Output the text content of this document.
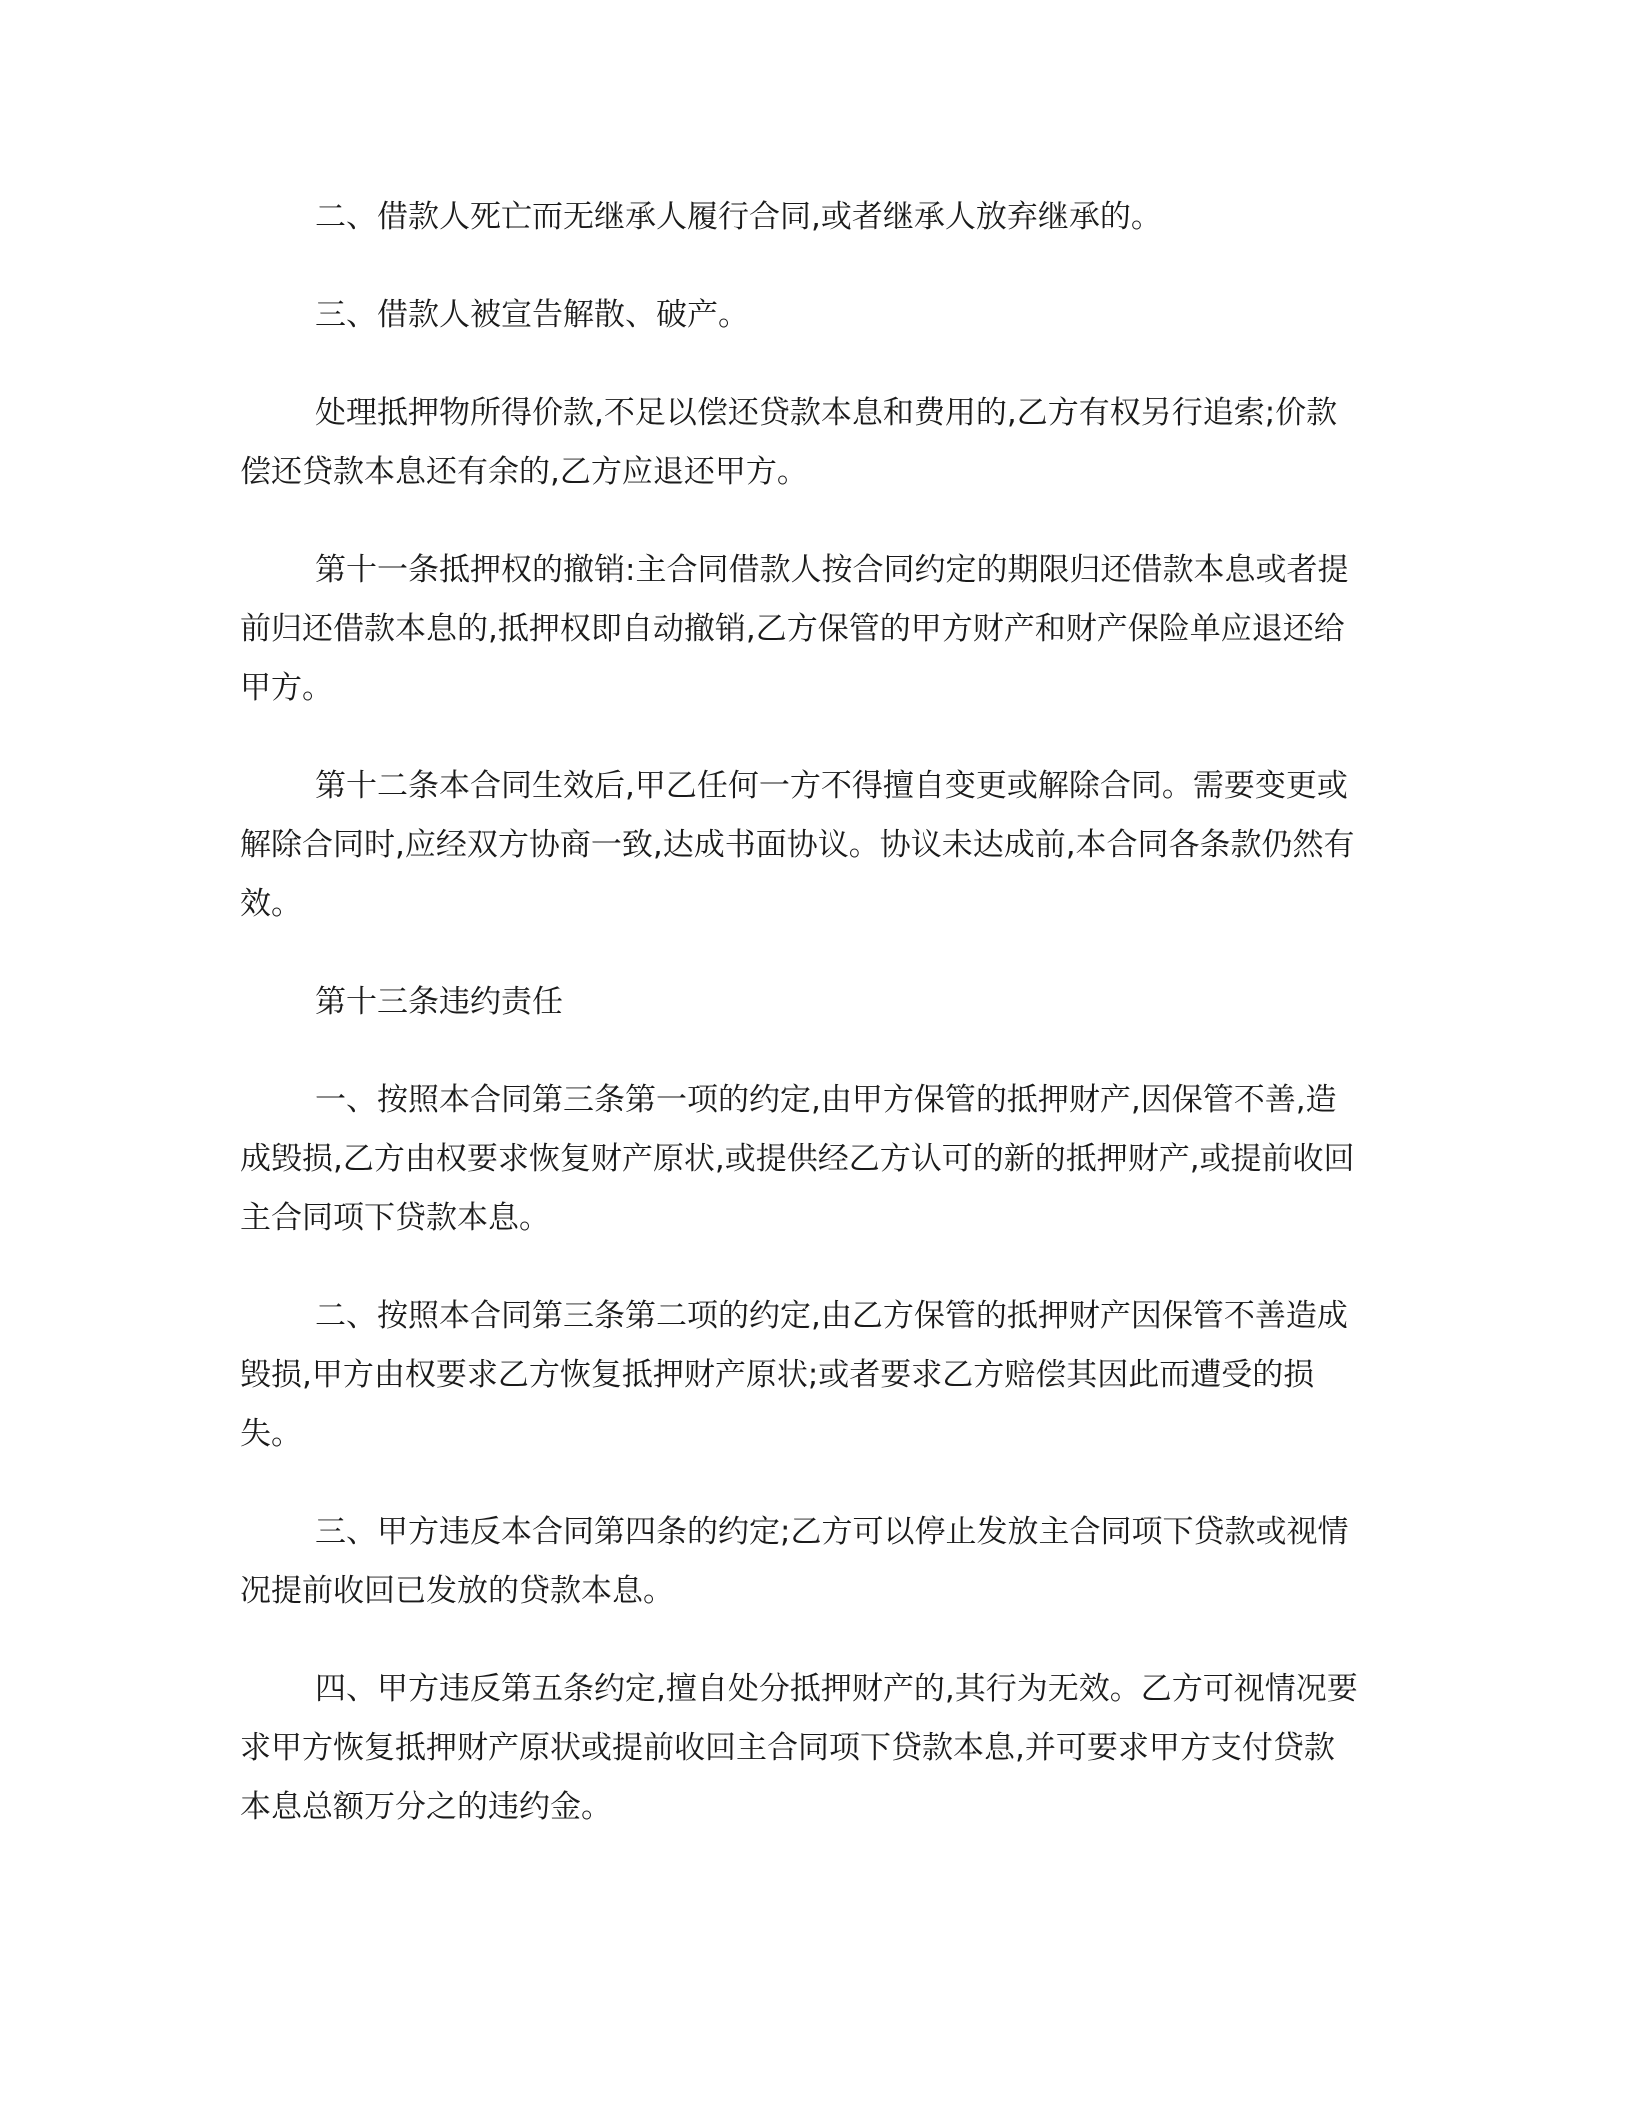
二、借款人死亡而无继承人履行合同,或者继承人放弃继承的。

三、借款人被宣告解散、破产。

处理抵押物所得价款,不足以偿还贷款本息和费用的,乙方有权另行追索;价款
偿还贷款本息还有余的,乙方应退还甲方。

第十一条抵押权的撤销:主合同借款人按合同约定的期限归还借款本息或者提
前归还借款本息的,抵押权即自动撤销,乙方保管的甲方财产和财产保险单应退还给
甲方。

第十二条本合同生效后,甲乙任何一方不得擅自变更或解除合同。需要变更或
解除合同时,应经双方协商一致,达成书面协议。协议未达成前,本合同各条款仍然有
效。

第十三条违约责任

一、按照本合同第三条第一项的约定,由甲方保管的抵押财产,因保管不善,造
成毁损,乙方由权要求恢复财产原状,或提供经乙方认可的新的抵押财产,或提前收回
主合同项下贷款本息。

二、按照本合同第三条第二项的约定,由乙方保管的抵押财产因保管不善造成
毁损,甲方由权要求乙方恢复抵押财产原状;或者要求乙方赔偿其因此而遭受的损
失。

三、甲方违反本合同第四条的约定;乙方可以停止发放主合同项下贷款或视情
况提前收回已发放的贷款本息。

四、甲方违反第五条约定,擅自处分抵押财产的,其行为无效。乙方可视情况要
求甲方恢复抵押财产原状或提前收回主合同项下贷款本息,并可要求甲方支付贷款
本息总额万分之的违约金。
